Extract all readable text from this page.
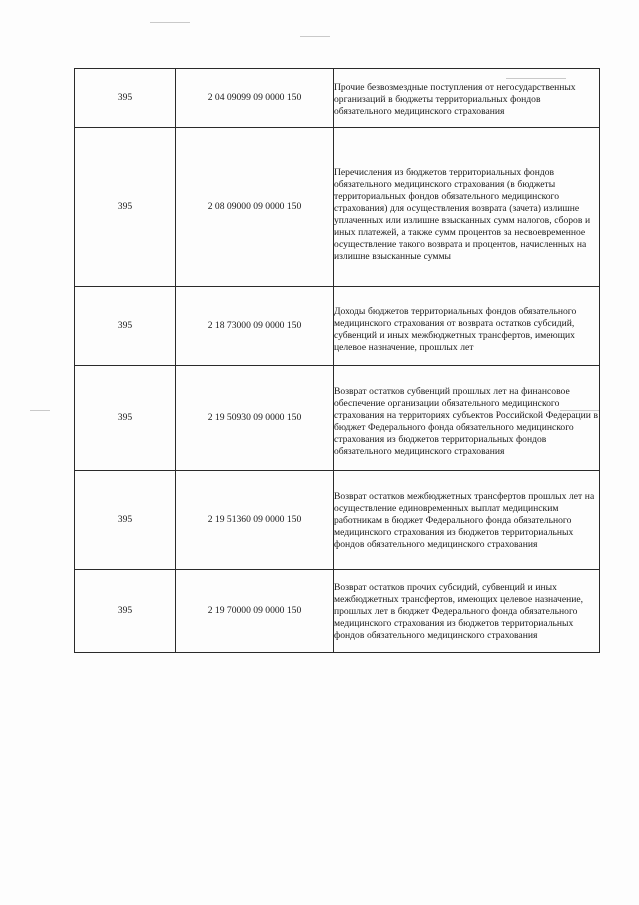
395	2 04 09099 09 0000 150	Прочие безвозмездные поступления от негосударственных организаций в бюджеты территориальных фондов обязательного медицинского страхования

395	2 08 09000 09 0000 150	Перечисления из бюджетов территориальных фондов обязательного медицинского страхования (в бюджеты территориальных фондов обязательного медицинского страхования) для осуществления возврата (зачета) излишне уплаченных или излишне взысканных сумм налогов, сборов и иных платежей, а также сумм процентов за несвоевременное осуществление такого возврата и процентов, начисленных на излишне взысканные суммы

395	2 18 73000 09 0000 150	Доходы бюджетов территориальных фондов обязательного медицинского страхования от возврата остатков субсидий, субвенций и иных межбюджетных трансфертов, имеющих целевое назначение, прошлых лет

395	2 19 50930 09 0000 150	Возврат остатков субвенций прошлых лет на финансовое обеспечение организации обязательного медицинского страхования на территориях субъектов Российской Федерации в бюджет Федерального фонда обязательного медицинского страхования из бюджетов территориальных фондов обязательного медицинского страхования

395	2 19 51360 09 0000 150	Возврат остатков межбюджетных трансфертов прошлых лет на осуществление единовременных выплат медицинским работникам в бюджет Федерального фонда обязательного медицинского страхования из бюджетов территориальных фондов обязательного медицинского страхования

395	2 19 70000 09 0000 150	Возврат остатков прочих субсидий, субвенций и иных межбюджетных трансфертов, имеющих целевое назначение, прошлых лет в бюджет Федерального фонда обязательного медицинского страхования из бюджетов территориальных фондов обязательного медицинского страхования
